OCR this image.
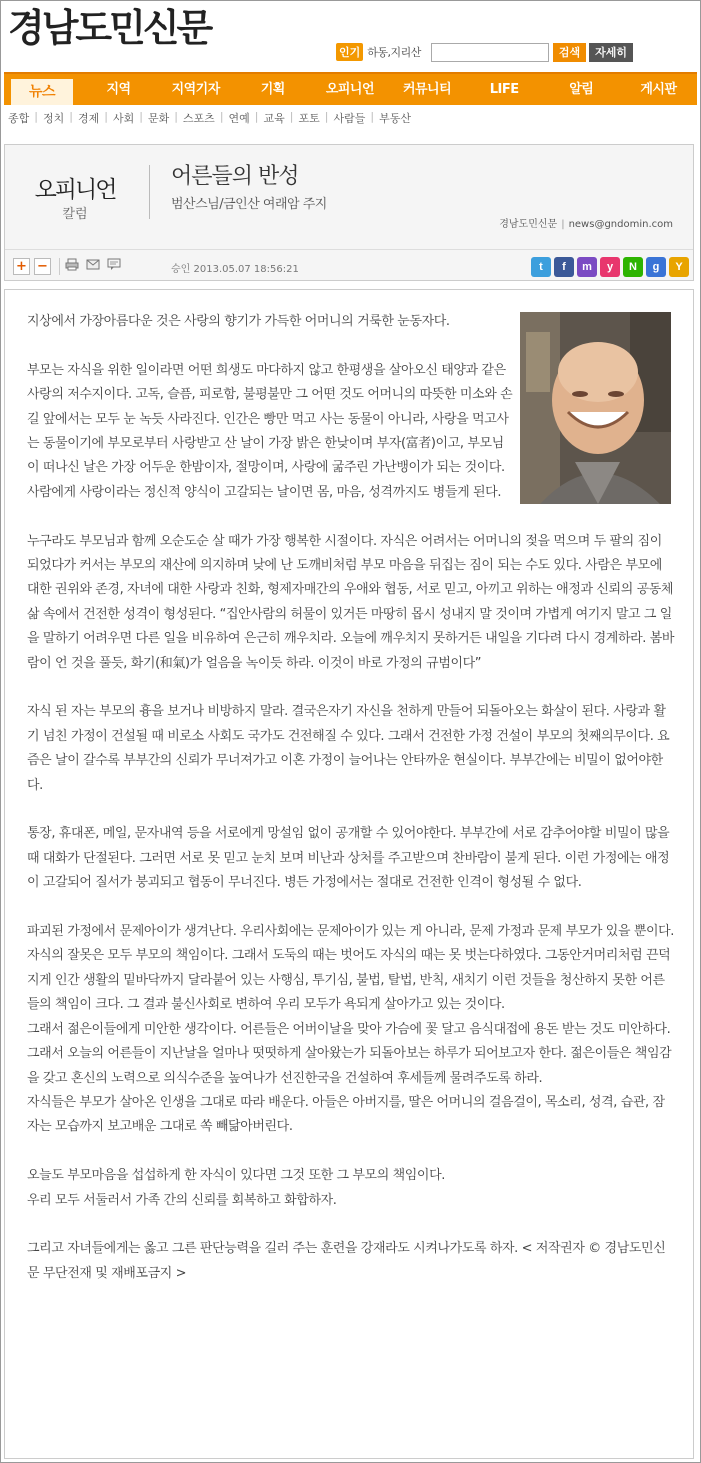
경남도민신문
인기 하동,지리산	검색	자세히
뉴스	지역	지역기자	기획	오피니언	커뮤니티	LIFE	알림	게시판
종합 | 정치 | 경제 | 사회 | 문화 | 스포츠 | 연예 | 교육 | 포토 | 사람들 | 부동산
오피니언
칼럼
어른들의 반성
범산스님/금인산 여래암 주지
경남도민신문 | news@gndomin.com
+ −	승인 2013.05.07 18:56:21	t	f	m	y	N	g	Y

지상에서 가장아름다운 것은 사랑의 향기가 가득한 어머니의 거룩한 눈동자다.

부모는 자식을 위한 일이라면 어떤 희생도 마다하지 않고 한평생을 살아오신 태양과 같은 사랑의 저수지이다. 고독, 슬픔, 피로함, 불평불만 그 어떤 것도 어머니의 따뜻한 미소와 손길 앞에서는 모두 눈 녹듯 사라진다. 인간은 빵만 먹고 사는 동물이 아니라, 사랑을 먹고사는 동물이기에 부모로부터 사랑받고 산 날이 가장 밝은 한낮이며 부자(富者)이고, 부모님이 떠나신 날은 가장 어두운 한밤이자, 절망이며, 사랑에 굶주린 가난뱅이가 되는 것이다.

사람에게 사랑이라는 정신적 양식이 고갈되는 날이면 몸, 마음, 성격까지도 병들게 된다.

누구라도 부모님과 함께 오순도순 살 때가 가장 행복한 시절이다. 자식은 어려서는 어머니의 젖을 먹으며 두 팔의 짐이 되었다가 커서는 부모의 재산에 의지하며 낮에 난 도깨비처럼 부모 마음을 뒤집는 짐이 되는 수도 있다. 사람은 부모에 대한 권위와 존경, 자녀에 대한 사랑과 친화, 형제자매간의 우애와 협동, 서로 믿고, 아끼고 위하는 애정과 신뢰의 공동체 삶 속에서 건전한 성격이 형성된다. “집안사람의 허물이 있거든 마땅히 몹시 성내지 말 것이며 가볍게 여기지 말고 그 일을 말하기 어려우면 다른 일을 비유하여 은근히 깨우치라. 오늘에 깨우치지 못하거든 내일을 기다려 다시 경계하라. 봄바람이 언 것을 풀듯, 화기(和氣)가 얼음을 녹이듯 하라. 이것이 바로 가정의 규범이다”

자식 된 자는 부모의 흉을 보거나 비방하지 말라. 결국은자기 자신을 천하게 만들어 되돌아오는 화살이 된다. 사랑과 활기 넘친 가정이 건설될 때 비로소 사회도 국가도 건전해질 수 있다. 그래서 건전한 가정 건설이 부모의 첫째의무이다. 요즘은 날이 갈수록 부부간의 신뢰가 무너져가고 이혼 가정이 늘어나는 안타까운 현실이다. 부부간에는 비밀이 없어야한다.

통장, 휴대폰, 메일, 문자내역 등을 서로에게 망설임 없이 공개할 수 있어야한다. 부부간에 서로 감추어야할 비밀이 많을 때 대화가 단절된다. 그러면 서로 못 믿고 눈치 보며 비난과 상처를 주고받으며 찬바람이 불게 된다. 이런 가정에는 애정이 고갈되어 질서가 붕괴되고 협동이 무너진다. 병든 가정에서는 절대로 건전한 인격이 형성될 수 없다.

파괴된 가정에서 문제아이가 생겨난다. 우리사회에는 문제아이가 있는 게 아니라, 문제 가정과 문제 부모가 있을 뿐이다. 자식의 잘못은 모두 부모의 책임이다. 그래서 도둑의 때는 벗어도 자식의 때는 못 벗는다하였다. 그동안거머리처럼 끈덕지게 인간 생활의 밑바닥까지 달라붙어 있는 사행심, 투기심, 불법, 탈법, 반칙, 새치기 이런 것들을 청산하지 못한 어른들의 책임이 크다. 그 결과 불신사회로 변하여 우리 모두가 욕되게 살아가고 있는 것이다.

그래서 젊은이들에게 미안한 생각이다. 어른들은 어버이날을 맞아 가슴에 꽃 달고 음식대접에 용돈 받는 것도 미안하다. 그래서 오늘의 어른들이 지난날을 얼마나 떳떳하게 살아왔는가 되돌아보는 하루가 되어보고자 한다. 젊은이들은 책임감을 갖고 혼신의 노력으로 의식수준을 높여나가 선진한국을 건설하여 후세들께 물려주도록 하라.

자식들은 부모가 살아온 인생을 그대로 따라 배운다. 아들은 아버지를, 딸은 어머니의 걸음걸이, 목소리, 성격, 습관, 잠자는 모습까지 보고배운 그대로 쏙 빼닮아버린다.

오늘도 부모마음을 섭섭하게 한 자식이 있다면 그것 또한 그 부모의 책임이다.

우리 모두 서둘러서 가족 간의 신뢰를 회복하고 화합하자.

그리고 자녀들에게는 옳고 그른 판단능력을 길러 주는 훈련을 강재라도 시켜나가도록 하자. < 저작권자 © 경남도민신문 무단전재 및 재배포금지 >
